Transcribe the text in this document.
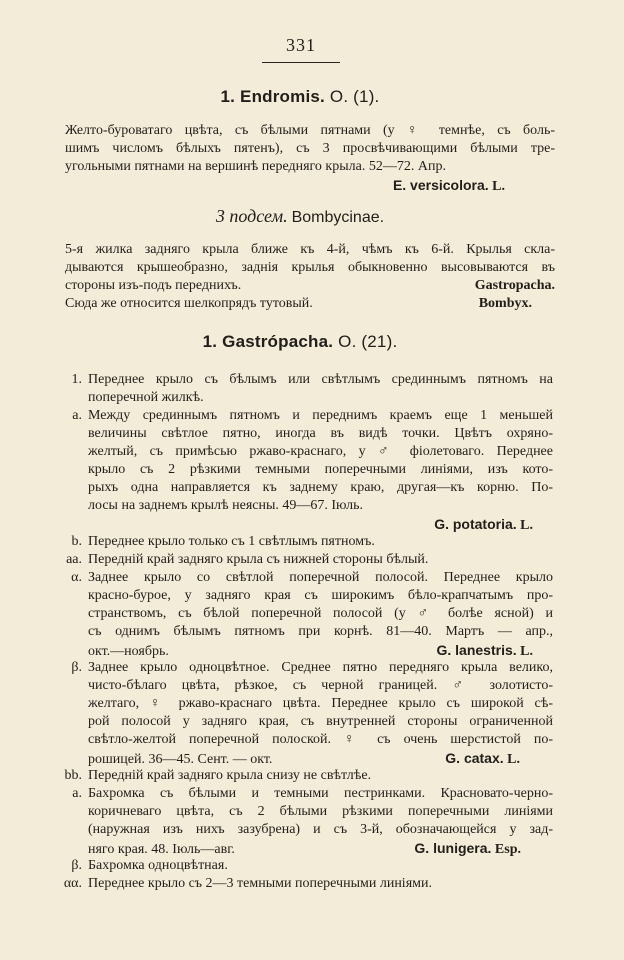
331
1. Endromis. O. (1).
Желто-буроватаго цвѣта, съ бѣлыми пятнами (у ♀ темнѣе, съ боль-
шимъ числомъ бѣлыхъ пятенъ), съ 3 просвѣчивающими бѣлыми тре-
угольными пятнами на вершинѣ передняго крыла. 52—72. Апр.
E. versicolora. L.
3 подсем. Bombycinae.
5-я жилка задняго крыла ближе къ 4-й, чѣмъ къ 6-й. Крылья скла-
дываются крышеобразно, заднія крылья обыкновенно высовываются въ
стороны изъ-подъ переднихъ.	Gastropacha.
Сюда же относится шелкопрядъ тутовый.	Bombyx.
1. Gastrópacha. O. (21).
1. Переднее крыло съ бѣлымъ или свѣтлымъ срединнымъ пятномъ на
поперечной жилкѣ.
a. Между срединнымъ пятномъ и переднимъ краемъ еще 1 меньшей
величины свѣтлое пятно, иногда въ видѣ точки. Цвѣтъ охряно-
желтый, съ примѣсью ржаво-краснаго, у ♂ фіолетоваго. Переднее
крыло съ 2 рѣзкими темными поперечными линіями, изъ кото-
рыхъ одна направляется къ заднему краю, другая—къ корню. По-
лосы на заднемъ крылѣ неясны. 49—67. Іюль.
G. potatoria. L.
b. Переднее крыло только съ 1 свѣтлымъ пятномъ.
aa. Передній край задняго крыла съ нижней стороны бѣлый.
α. Заднее крыло со свѣтлой поперечной полосой. Переднее крыло
красно-бурое, у задняго края съ широкимъ бѣло-крапчатымъ про-
странствомъ, съ бѣлой поперечной полосой (у ♂ болѣе ясной) и
съ однимъ бѣлымъ пятномъ при корнѣ. 81—40. Мартъ — апр.,
окт.—ноябрь.	G. lanestris. L.
β. Заднее крыло одноцвѣтное. Среднее пятно передняго крыла велико,
чисто-бѣлаго цвѣта, рѣзкое, съ черной границей. ♂ золотисто-
желтаго, ♀ ржаво-краснаго цвѣта. Переднее крыло съ широкой сѣ-
рой полосой у задняго края, съ внутренней стороны ограниченной
свѣтло-желтой поперечной полоской. ♀ съ очень шерстистой по-
рошицей. 36—45. Сент. — окт.	G. catax. L.
bb. Передній край задняго крыла снизу не свѣтлѣе.
a. Бахромка съ бѣлыми и темными пестринками. Красновато-черно-
коричневаго цвѣта, съ 2 бѣлыми рѣзкими поперечными линіями
(наружная изъ нихъ зазубрена) и съ 3-й, обозначающейся у зад-
няго края. 48. Іюль—авг.	G. lunigera. Esp.
β. Бахромка одноцвѣтная.
αα. Переднее крыло съ 2—3 темными поперечными линіями.
